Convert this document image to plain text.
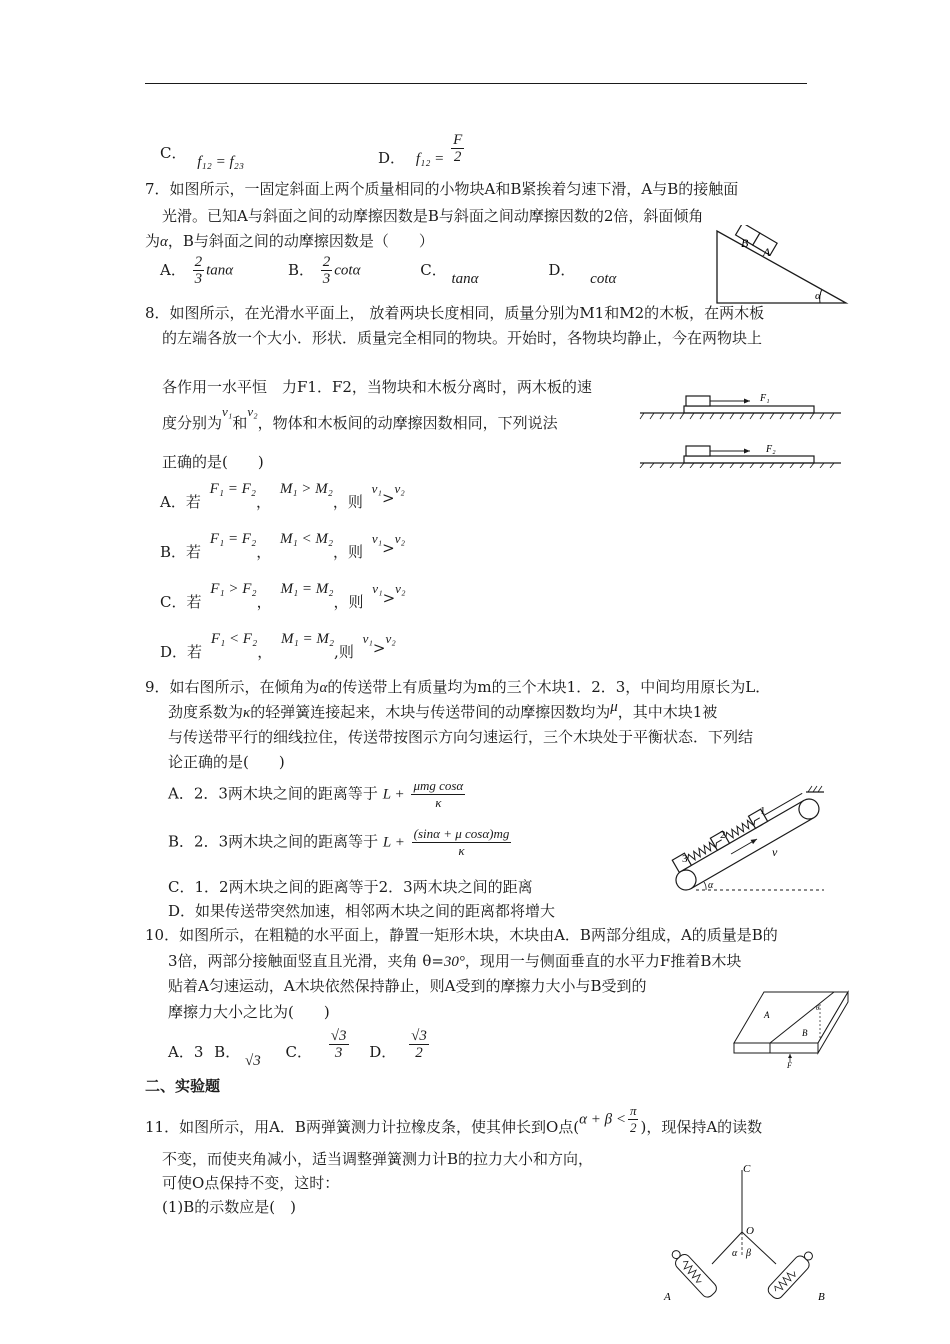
C． f₁₂ = f₂₃	D． $f_{12} = \frac{F}{2}$
7．如图所示，一固定斜面上两个质量相同的小物块A和B紧挨着匀速下滑，A与B的接触面
光滑。已知A与斜面之间的动摩擦因数是B与斜面之间动摩擦因数的2倍，斜面倾角
为α，B与斜面之间的动摩擦因数是（　　）
A． $\frac{2}{3}$ tanα	B． $\frac{2}{3}$ cotα	C． tanα	D． cotα
B
A
α
8．如图所示，在光滑水平面上， 放着两块长度相同，质量分别为M1和M2的木板，在两木板
的左端各放一个大小．形状．质量完全相同的物块。开始时，各物块均静止，今在两物块上
各作用一水平恒　力F1．F2，当物块和木板分离时，两木板的速
度分别为v₁和v₂，物体和木板间的动摩擦因数相同，下列说法
正确的是(　　)
F₁
F₂
A．若 F₁ = F₂， M₁ > M₂，则 v₁>v₂
B．若 F₁ = F₂， M₁ < M₂，则 v₁>v₂
C．若 F₁ > F₂， M₁ = M₂，则 v₁>v₂
D．若 F₁ < F₂， M₁ = M₂,则 v₁>v₂
9．如右图所示，在倾角为α的传送带上有质量均为m的三个木块1．2．3，中间均用原长为L．
劲度系数为κ的轻弹簧连接起来，木块与传送带间的动摩擦因数均为μ，其中木块1被
与传送带平行的细线拉住，传送带按图示方向匀速运行，三个木块处于平衡状态．下列结
论正确的是(　　)
A．2．3两木块之间的距离等于 $L + \frac{\text{μmg cosα}}{\kappa}$
B．2．3两木块之间的距离等于 $L + \frac{\text{(sinα + μ cosα)mg}}{\kappa}$
C．1．2两木块之间的距离等于2．3两木块之间的距离
D．如果传送带突然加速，相邻两木块之间的距离都将增大
3
2
1
v
α
10．如图所示，在粗糙的水平面上，静置一矩形木块，木块由A．B两部分组成，A的质量是B的
3倍，两部分接触面竖直且光滑，夹角 θ=30°，现用一与侧面垂直的水平力F推着B木块
贴着A匀速运动，A木块依然保持静止，则A受到的摩擦力大小与B受到的
摩擦力大小之比为(　　)
A．3 B． √3 C． $\frac{√3}{3}$ D． $\frac{√3}{2}$
A
B
θ
F
二、实验题
11．如图所示，用A．B两弹簧测力计拉橡皮条，使其伸长到O点($\alpha + \beta < \frac{\pi}{2}$ )，现保持A的读数
不变，而使夹角减小，适当调整弹簧测力计B的拉力大小和方向，
可使O点保持不变，这时：
(1)B的示数应是(　)
C
O
α β
A	B
